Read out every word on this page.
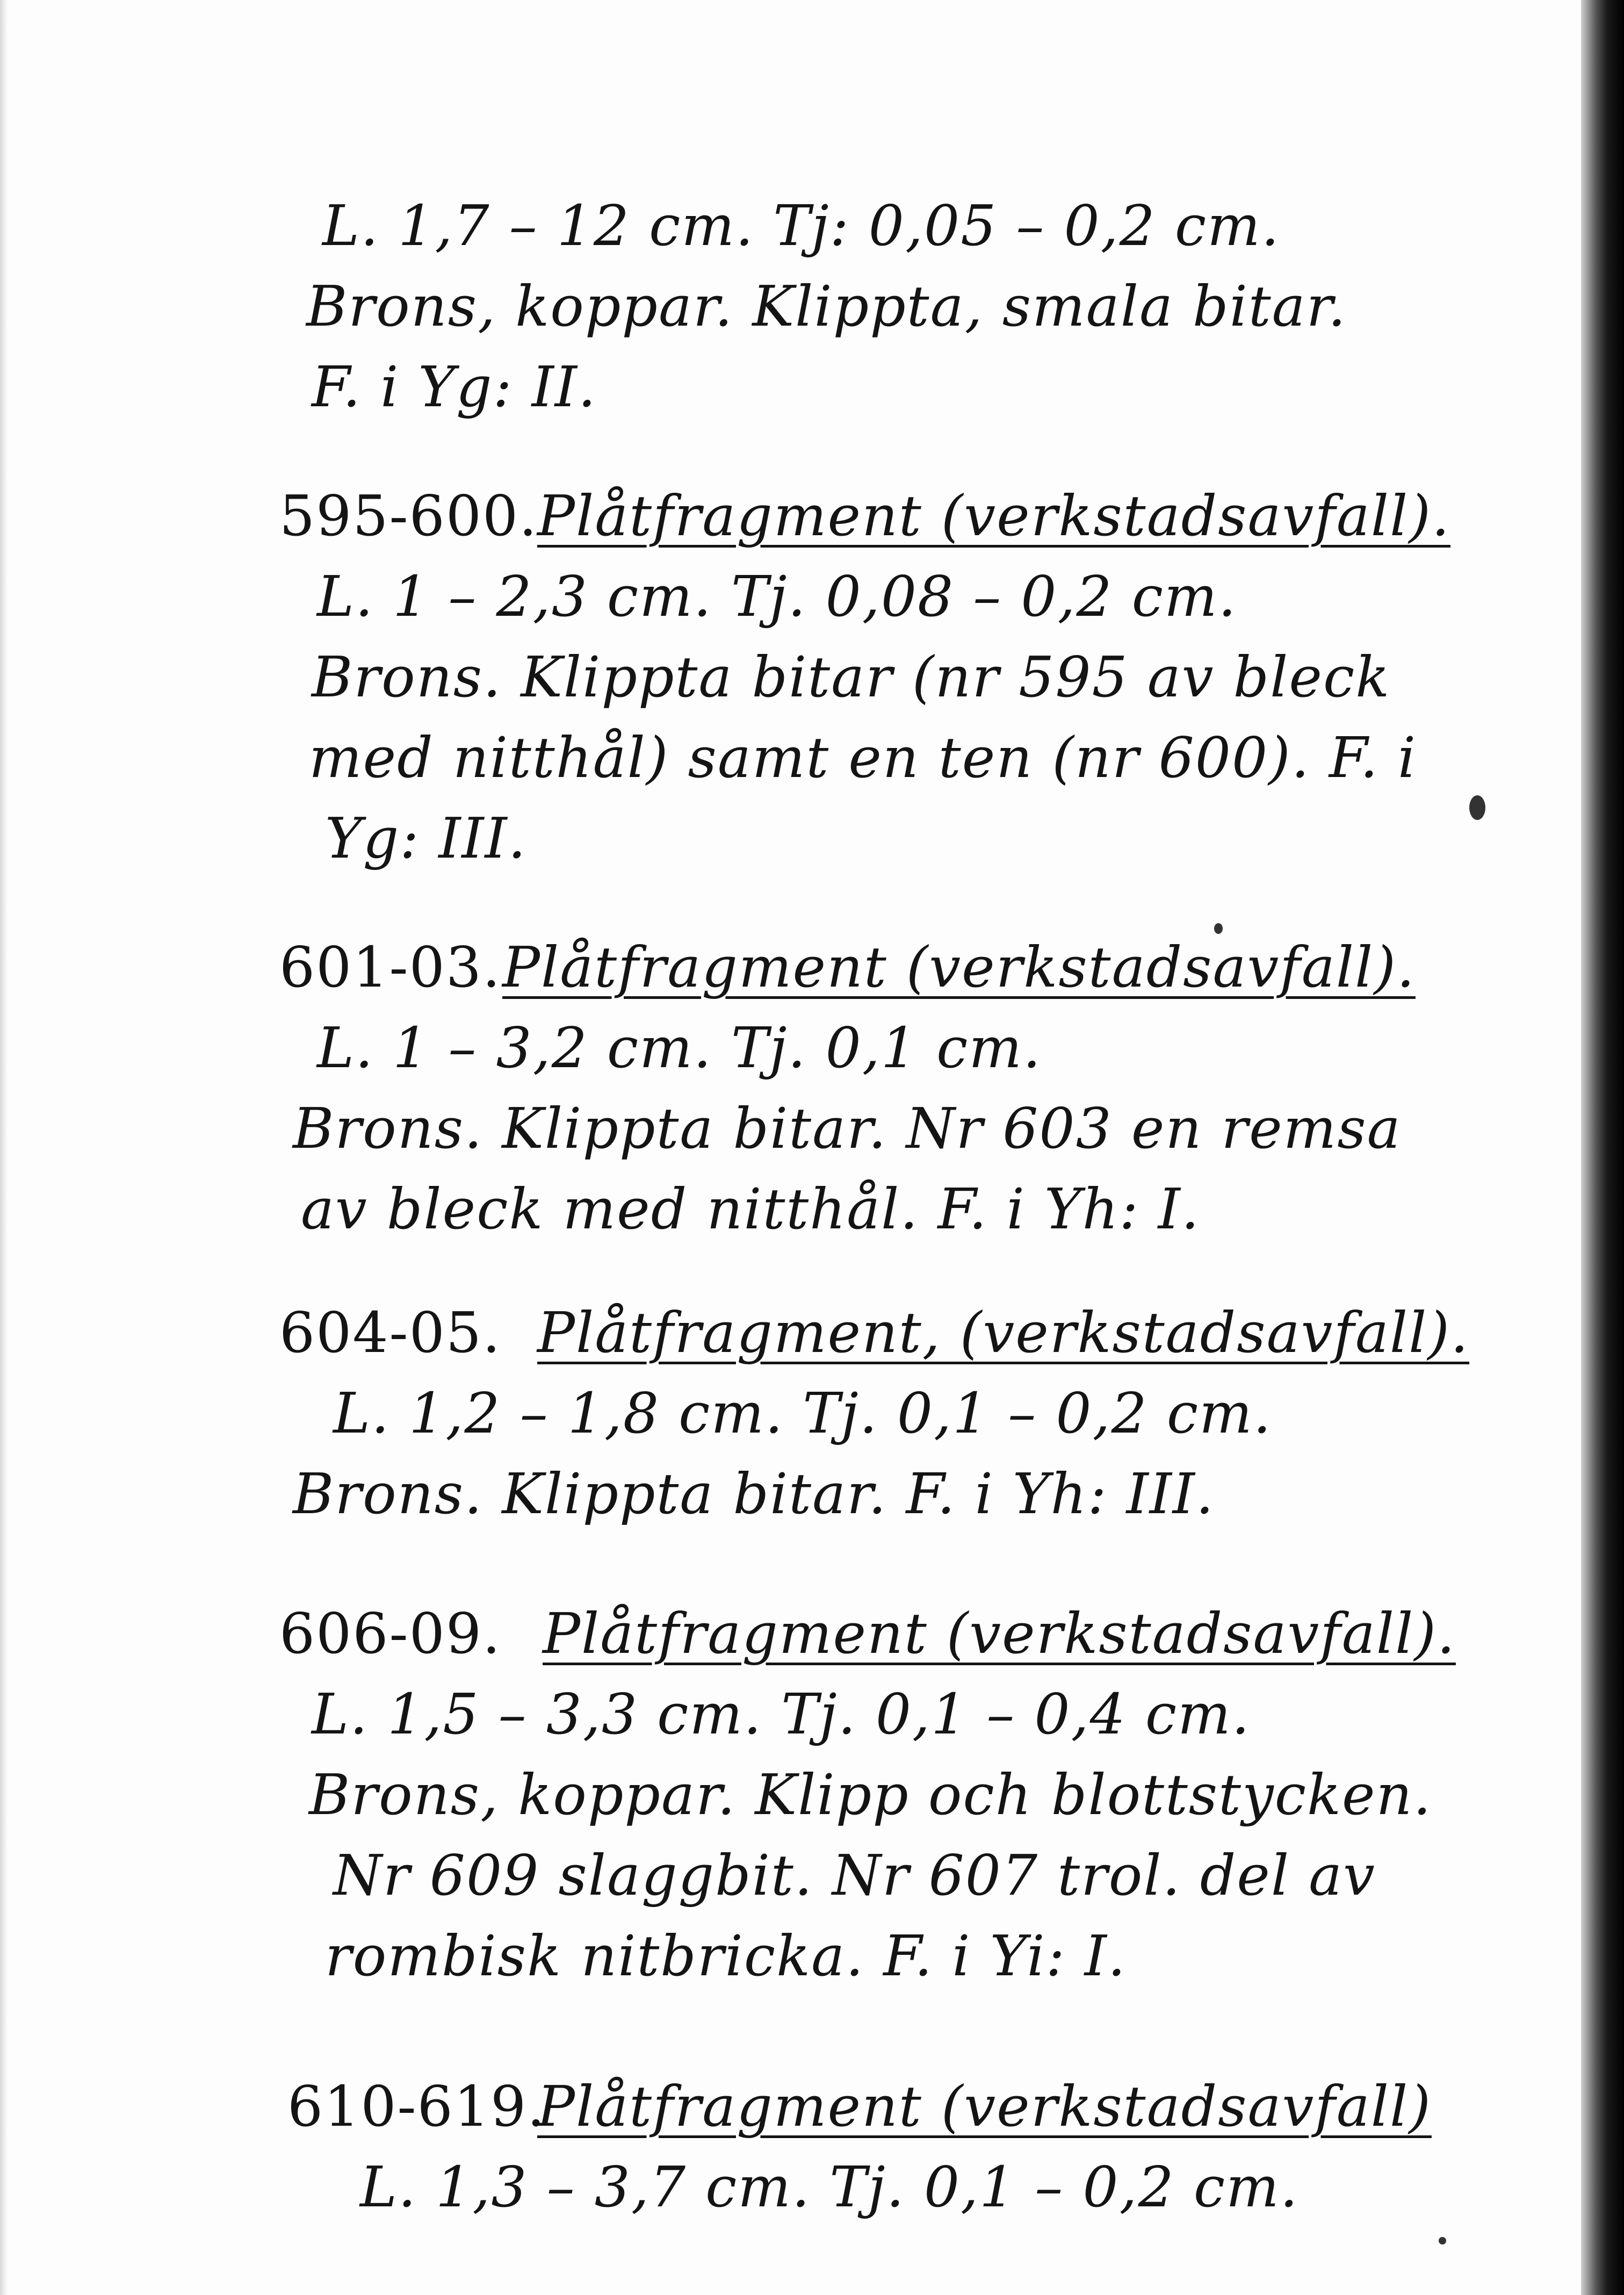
L. 1,7 – 12 cm. Tj: 0,05 – 0,2 cm.
Brons, koppar. Klippta, smala bitar.
F. i Yg: II.
595-600.
Plåtfragment (verkstadsavfall).
L. 1 – 2,3 cm. Tj. 0,08 – 0,2 cm.
Brons. Klippta bitar (nr 595 av bleck
med nitthål) samt en ten (nr 600). F. i
Yg: III.
601-03. Plåtfragment (verkstadsavfall).
L. 1 – 3,2 cm. Tj. 0,1 cm.
Brons. Klippta bitar. Nr 603 en remsa
av bleck med nitthål. F. i Yh: I.
604-05. Plåtfragment, (verkstadsavfall).
L. 1,2 – 1,8 cm. Tj. 0,1 – 0,2 cm.
Brons. Klippta bitar. F. i Yh: III.
606-09. Plåtfragment (verkstadsavfall).
L. 1,5 – 3,3 cm. Tj. 0,1 – 0,4 cm.
Brons, koppar. Klipp och blottstycken.
Nr 609 slaggbit. Nr 607 trol. del av
rombisk nitbricka. F. i Yi: I.
610-619.
Plåtfragment (verkstadsavfall)
L. 1,3 – 3,7 cm. Tj. 0,1 – 0,2 cm.
